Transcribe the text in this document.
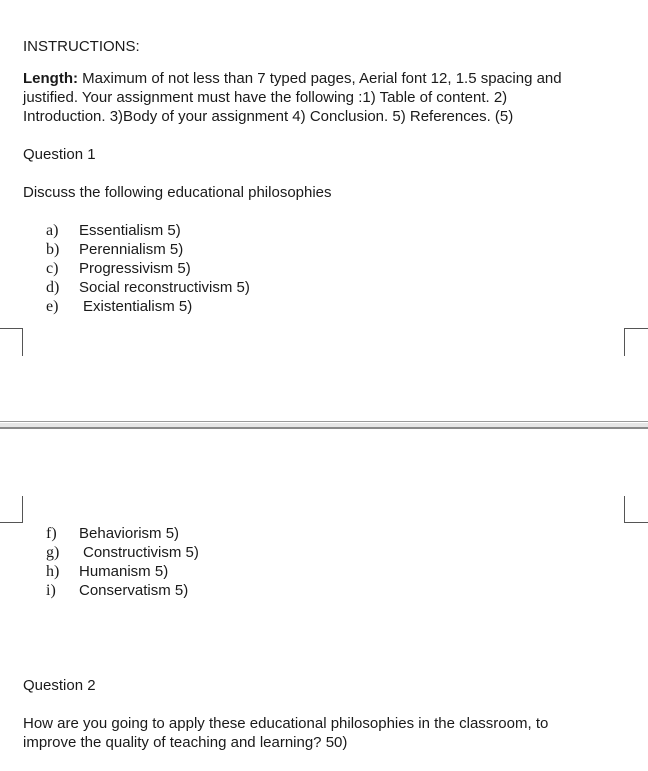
INSTRUCTIONS:
Length: Maximum of not less than 7 typed pages, Aerial font 12, 1.5 spacing and
justified. Your assignment must have the following :1) Table of content. 2)
Introduction. 3)Body of your assignment 4) Conclusion. 5) References. (5)
Question 1
Discuss the following educational philosophies
a) Essentialism 5)
b) Perennialism 5)
c) Progressivism 5)
d) Social reconstructivism 5)
e) Existentialism 5)
f) Behaviorism 5)
g) Constructivism 5)
h) Humanism 5)
i) Conservatism 5)
Question 2
How are you going to apply these educational philosophies in the classroom, to
improve the quality of teaching and learning? 50)
